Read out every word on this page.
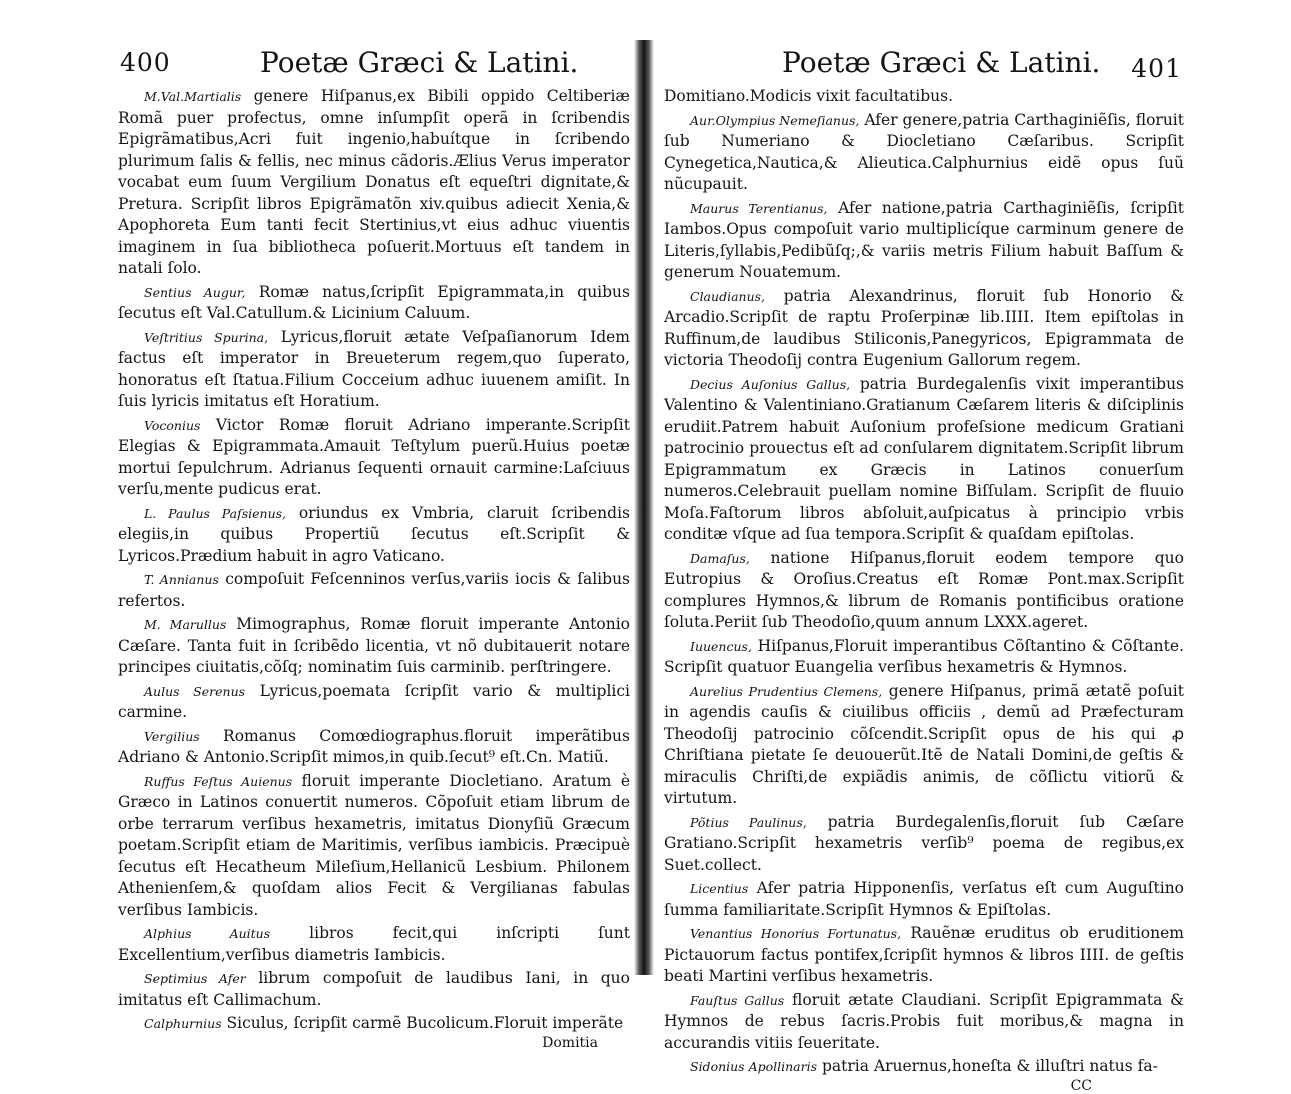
400	Poetæ Græci & Latini.

M.Val.Martialis genere Hiſpanus,ex Bibili oppido Celtiberiæ Romã puer profectus, omne inſumpſit operã in ſcribendis Epigrãmatibus,Acri fuit ingenio,habuítque in ſcribendo plurimum ſalis & fellis, nec minus cãdoris.Ælius Verus imperator vocabat eum ſuum Vergilium Donatus eſt equeſtri dignitate,& Pretura. Scripſit libros Epigrãmatõn xiv.quibus adiecit Xenia,& Apophoreta Eum tanti fecit Stertinius,vt eius adhuc viuentis imaginem in ſua bibliotheca poſuerit.Mortuus eſt tandem in natali ſolo.

Sentius Augur, Romæ natus,ſcripſit Epigrammata,in quibus ſecutus eſt Val.Catullum.& Licinium Caluum.

Veſtritius Spurina, Lyricus,floruit ætate Veſpaſianorum Idem factus eſt imperator in Breueterum regem,quo ſuperato, honoratus eſt ſtatua.Filium Cocceium adhuc iuuenem amiſit. In ſuis lyricis imitatus eſt Horatium.

Voconius Victor Romæ floruit Adriano imperante.Scripſit Elegias & Epigrammata.Amauit Teſtylum puerũ.Huius poetæ mortui ſepulchrum. Adrianus ſequenti ornauit carmine:Laſciuus verſu,mente pudicus erat.

L. Paulus Paſsienus, oriundus ex Vmbria, claruit ſcribendis elegiis,in quibus Propertiũ ſecutus eſt.Scripſit & Lyricos.Prædium habuit in agro Vaticano.

T. Annianus compoſuit Feſcenninos verſus,variis iocis & ſalibus refertos.

M. Marullus Mimographus, Romæ floruit imperante Antonio Cæſare. Tanta fuit in ſcribẽdo licentia, vt nõ dubitauerit notare principes ciuitatis,cõſq; nominatim ſuis carminib. perſtringere.

Aulus Serenus Lyricus,poemata ſcripſit vario & multiplici carmine.

Vergilius Romanus Comœdiographus.floruit imperãtibus Adriano & Antonio.Scripſit mimos,in quib.ſecut⁹ eſt.Cn. Matiũ.

Ruffus Feſtus Auienus floruit imperante Diocletiano. Aratum è Græco in Latinos conuertit numeros. Cõpoſuit etiam librum de orbe terrarum verſibus hexametris, imitatus Dionyſiũ Græcum poetam.Scripſit etiam de Maritimis, verſibus iambicis. Præcipuè ſecutus eſt Hecatheum Mileſium,Hellanicũ Lesbium. Philonem Athenienſem,& quoſdam alios Fecit & Vergilianas fabulas verſibus Iambicis.

Alphius Auitus	libros fecit,qui inſcripti ſunt Excellentium,verſibus diametris Iambicis.

Septimius Afer librum compoſuit de laudibus Iani, in quo imitatus eſt Callimachum.

Calphurnius Siculus, ſcripſit carmẽ Bucolicum.Floruit imperãte

Domitia
Poetæ Græci & Latini. 401

Domitiano.Modicis vixit facultatibus.

Aur.Olympius Nemeſianus, Afer genere,patria Carthaginiẽſis, floruit ſub Numeriano & Diocletiano Cæſaribus. Scripſit Cynegetica,Nautica,& Alieutica.Calphurnius eidẽ opus ſuũ nũcupauit.

Maurus Terentianus, Afer natione,patria Carthaginiẽſis, ſcripſit Iambos.Opus compoſuit vario multiplicíque carminum genere de Literis,ſyllabis,Pedibũſq;,& variis metris Filium habuit Baſſum & generum Nouatemum.

Claudianus, patria Alexandrinus, floruit ſub Honorio & Arcadio.Scripſit de raptu Proſerpinæ lib.IIII. Item epiſtolas in Ruffinum,de laudibus Stiliconis,Panegyricos, Epigrammata de victoria Theodoſij contra Eugenium Gallorum regem.

Decius Auſonius Gallus, patria Burdegalenſis vixit imperantibus Valentino & Valentiniano.Gratianum Cæſarem literis & diſciplinis erudiit.Patrem habuit Auſonium profeſsione medicum Gratiani patrocinio prouectus eſt ad conſularem dignitatem.Scripſit librum Epigrammatum ex Græcis in Latinos conuerſum numeros.Celebrauit puellam nomine Biſſulam. Scripſit de fluuio Moſa.Faſtorum libros abſoluit,auſpicatus à principio vrbis conditæ vſque ad ſua tempora.Scripſit & quaſdam epiſtolas.

Damaſus, natione Hiſpanus,floruit eodem tempore quo Eutropius & Oroſius.Creatus eſt Romæ Pont.max.Scripſit complures Hymnos,& librum de Romanis pontificibus oratione ſoluta.Periit ſub Theodoſio,quum annum LXXX.ageret.

Iuuencus, Hiſpanus,Floruit imperantibus Cõſtantino & Cõſtante. Scripſit quatuor Euangelia verſibus hexametris & Hymnos.

Aurelius Prudentius Clemens, genere Hiſpanus, primã ætatẽ poſuit in agendis cauſis & ciuilibus officiis , demũ ad Præfecturam Theodoſij patrocinio cõſcendit.Scripſit opus de his qui ꝓ Chriſtiana pietate ſe deuouerũt.Itẽ de Natali Domini,de geſtis & miraculis Chriſti,de expiãdis animis, de cõſlictu vitiorũ & virtutum.

Põtius Paulinus, patria Burdegalenſis,floruit ſub Cæſare Gratiano.Scripſit hexametris verſib⁹ poema de regibus,ex Suet.collect.

Licentius Afer patria Hipponenſis, verſatus eſt cum Auguſtino ſumma familiaritate.Scripſit Hymnos & Epiſtolas.

Venantius Honorius Fortunatus, Rauẽnæ eruditus ob eruditionem Pictauorum factus pontifex,ſcripſit hymnos & libros IIII. de geſtis beati Martini verſibus hexametris.

Fauſtus Gallus floruit ætate Claudiani. Scripſit Epigrammata & Hymnos de rebus ſacris.Probis fuit moribus,& magna in accurandis vitiis ſeueritate.

Sidonius Apollinaris patria Aruernus,honeſta & illuſtri natus fa-

CC
